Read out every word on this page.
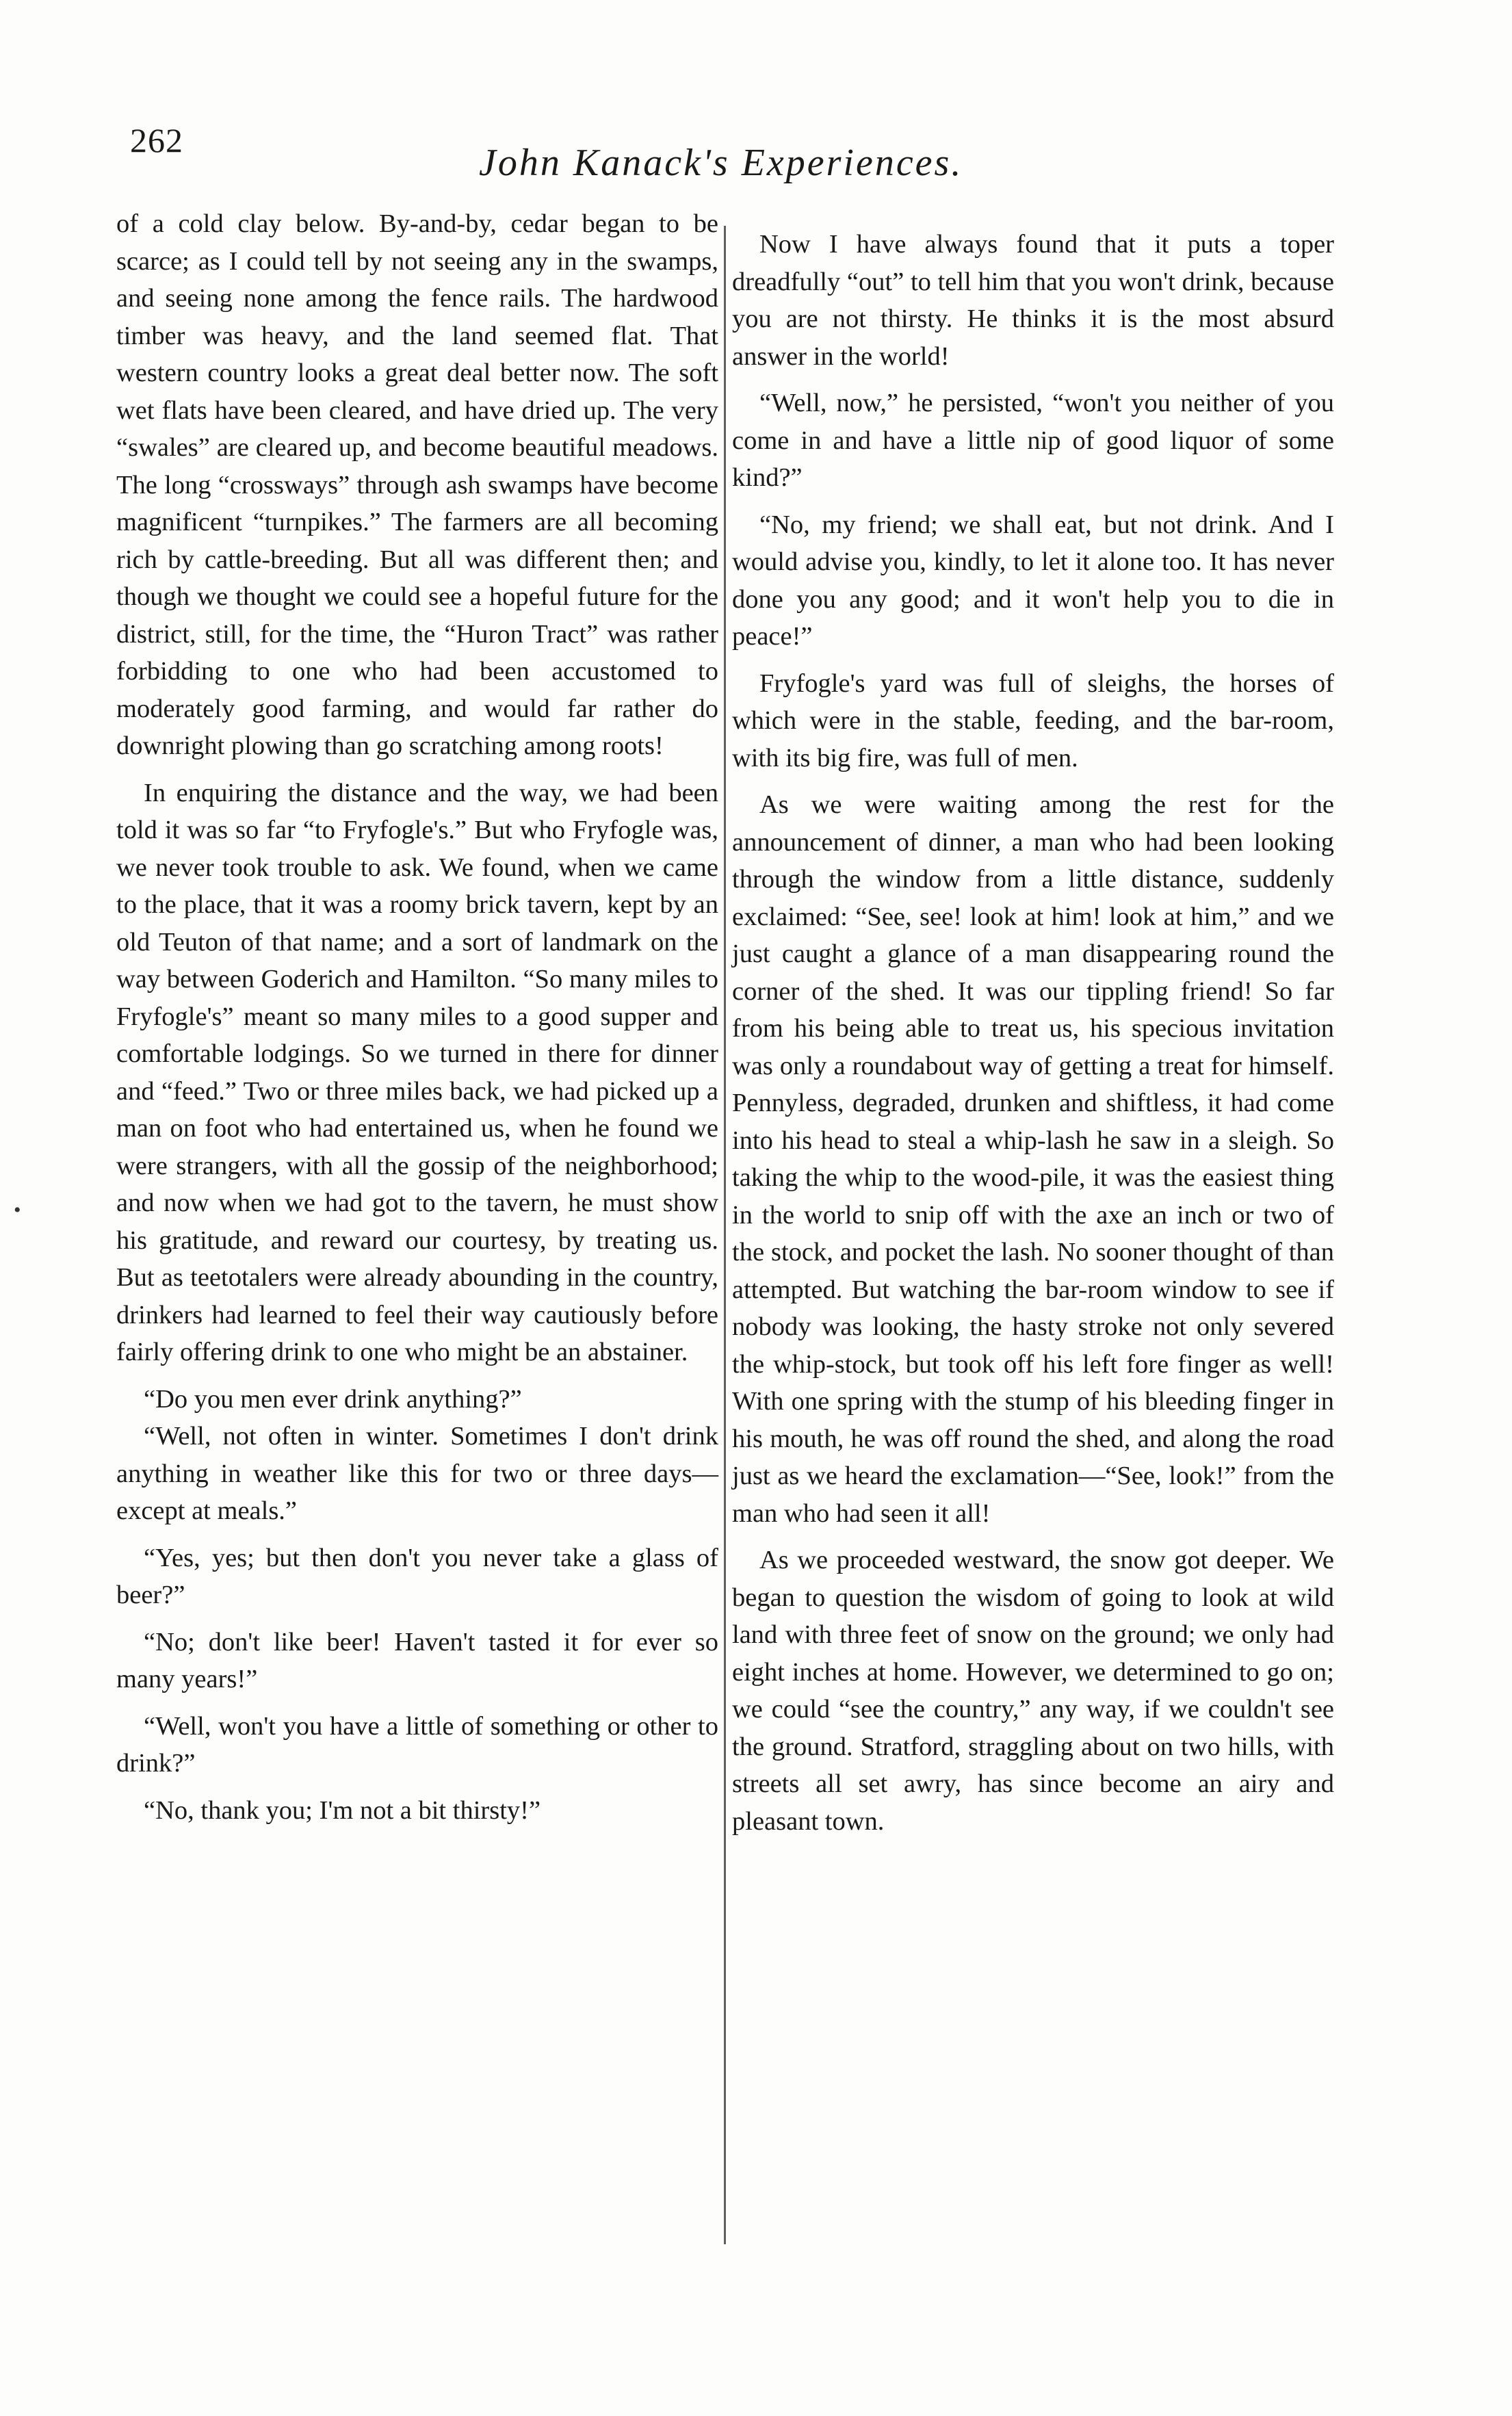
262
John Kanack's Experiences.

of a cold clay below. By-and-by, cedar began to be scarce; as I could tell by not seeing any in the swamps, and seeing none among the fence rails. The hardwood timber was heavy, and the land seemed flat. That western country looks a great deal better now. The soft wet flats have been cleared, and have dried up. The very “swales” are cleared up, and become beautiful meadows. The long “crossways” through ash swamps have become magnificent “turnpikes.” The farmers are all becoming rich by cattle-breeding. But all was different then; and though we thought we could see a hopeful future for the district, still, for the time, the “Huron Tract” was rather forbidding to one who had been accustomed to moderately good farming, and would far rather do downright plowing than go scratching among roots!

In enquiring the distance and the way, we had been told it was so far “to Fryfogle's.” But who Fryfogle was, we never took trouble to ask. We found, when we came to the place, that it was a roomy brick tavern, kept by an old Teuton of that name; and a sort of landmark on the way between Goderich and Hamilton. “So many miles to Fryfogle's” meant so many miles to a good supper and comfortable lodgings. So we turned in there for dinner and “feed.” Two or three miles back, we had picked up a man on foot who had entertained us, when he found we were strangers, with all the gossip of the neighborhood; and now when we had got to the tavern, he must show his gratitude, and reward our courtesy, by treating us. But as teetotalers were already abounding in the country, drinkers had learned to feel their way cautiously before fairly offering drink to one who might be an abstainer.

“Do you men ever drink anything?”

“Well, not often in winter. Sometimes I don't drink anything in weather like this for two or three days—except at meals.”

“Yes, yes; but then don't you never take a glass of beer?”

“No; don't like beer! Haven't tasted it for ever so many years!”

“Well, won't you have a little of something or other to drink?”

“No, thank you; I'm not a bit thirsty!”

Now I have always found that it puts a toper dreadfully “out” to tell him that you won't drink, because you are not thirsty. He thinks it is the most absurd answer in the world!

“Well, now,” he persisted, “won't you neither of you come in and have a little nip of good liquor of some kind?”

“No, my friend; we shall eat, but not drink. And I would advise you, kindly, to let it alone too. It has never done you any good; and it won't help you to die in peace!”

Fryfogle's yard was full of sleighs, the horses of which were in the stable, feeding, and the bar-room, with its big fire, was full of men.

As we were waiting among the rest for the announcement of dinner, a man who had been looking through the window from a little distance, suddenly exclaimed: “See, see! look at him! look at him,” and we just caught a glance of a man disappearing round the corner of the shed. It was our tippling friend! So far from his being able to treat us, his specious invitation was only a roundabout way of getting a treat for himself. Pennyless, degraded, drunken and shiftless, it had come into his head to steal a whip-lash he saw in a sleigh. So taking the whip to the wood-pile, it was the easiest thing in the world to snip off with the axe an inch or two of the stock, and pocket the lash. No sooner thought of than attempted. But watching the bar-room window to see if nobody was looking, the hasty stroke not only severed the whip-stock, but took off his left fore finger as well! With one spring with the stump of his bleeding finger in his mouth, he was off round the shed, and along the road just as we heard the exclamation—“See, look!” from the man who had seen it all!

As we proceeded westward, the snow got deeper. We began to question the wisdom of going to look at wild land with three feet of snow on the ground; we only had eight inches at home. However, we determined to go on; we could “see the country,” any way, if we couldn't see the ground. Stratford, straggling about on two hills, with streets all set awry, has since become an airy and pleasant town.

•
